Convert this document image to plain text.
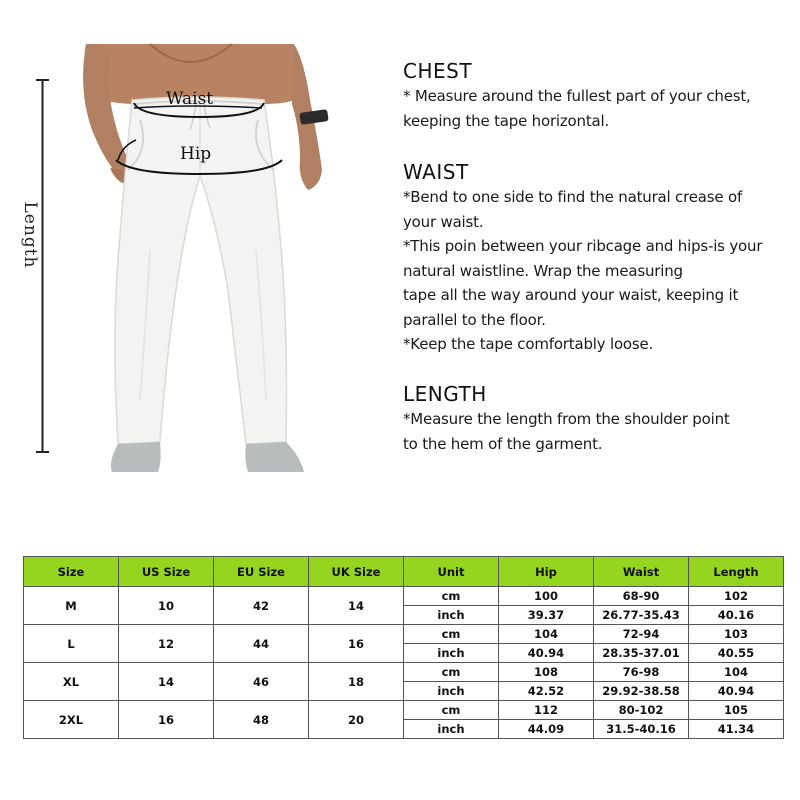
Length
Waist
Hip
CHEST
* Measure around the fullest part of your chest,
keeping the tape horizontal.
WAIST
*Bend to one side to find the natural crease of
your waist.
*This poin between your ribcage and hips-is your
natural waistline. Wrap the measuring
tape all the way around your waist, keeping it
parallel to the floor.
*Keep the tape comfortably loose.
LENGTH
*Measure the length from the shoulder point
to the hem of the garment.
Size	US Size	EU Size	UK Size	Unit	Hip	Waist	Length
M	10	42	14	cm	100	68-90	102
				inch	39.37	26.77-35.43	40.16
L	12	44	16	cm	104	72-94	103
				inch	40.94	28.35-37.01	40.55
XL	14	46	18	cm	108	76-98	104
				inch	42.52	29.92-38.58	40.94
2XL	16	48	20	cm	112	80-102	105
				inch	44.09	31.5-40.16	41.34
